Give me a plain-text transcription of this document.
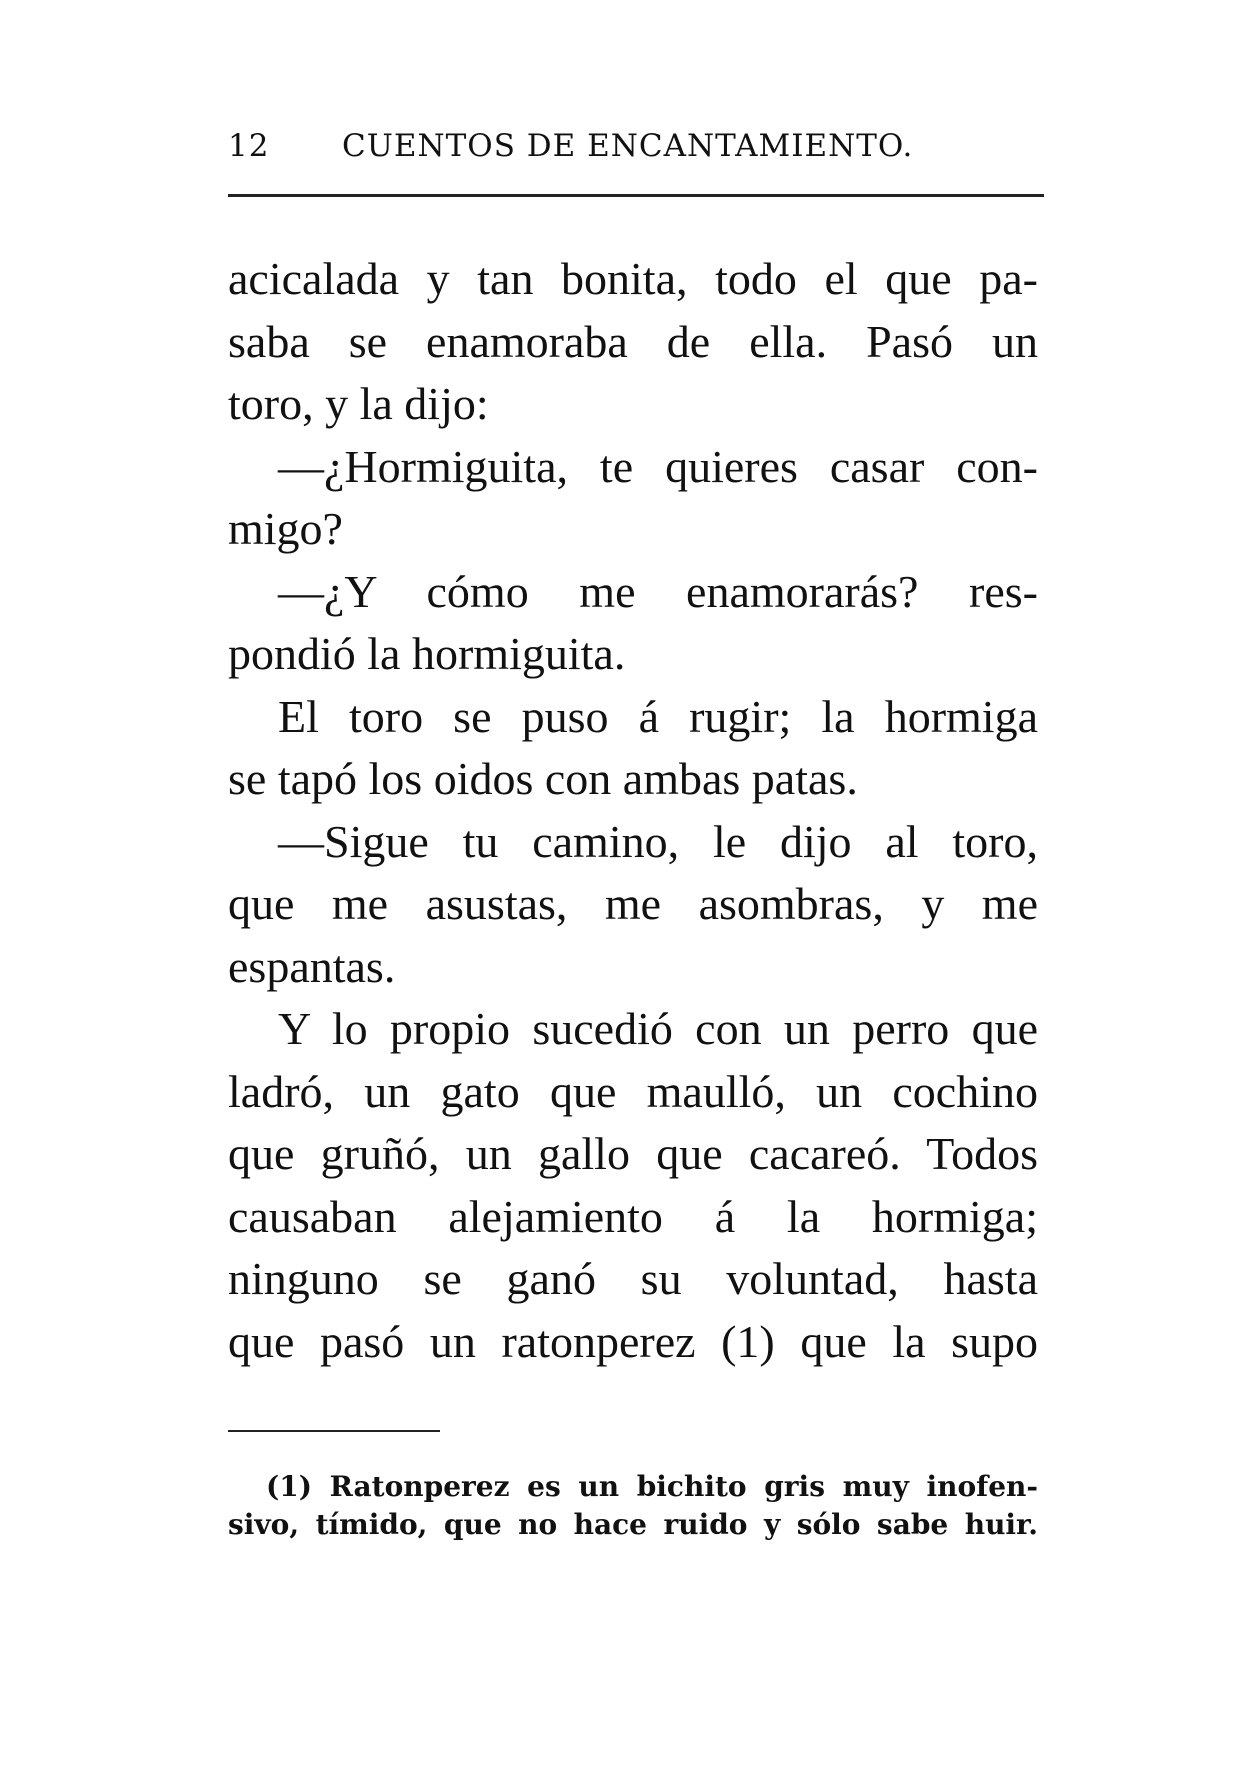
12 CUENTOS DE ENCANTAMIENTO.
acicalada y tan bonita, todo el que pa-
saba se enamoraba de ella. Pasó un
toro, y la dijo:
—¿Hormiguita, te quieres casar con-
migo?
—¿Y cómo me enamorarás? res-
pondió la hormiguita.
El toro se puso á rugir; la hormiga
se tapó los oidos con ambas patas.
—Sigue tu camino, le dijo al toro,
que me asustas, me asombras, y me
espantas.
Y lo propio sucedió con un perro que
ladró, un gato que maulló, un cochino
que gruñó, un gallo que cacareó. Todos
causaban alejamiento á la hormiga;
ninguno se ganó su voluntad, hasta
que pasó un ratonperez (1) que la supo
(1) Ratonperez es un bichito gris muy inofen-
sivo, tímido, que no hace ruido y sólo sabe huir.
